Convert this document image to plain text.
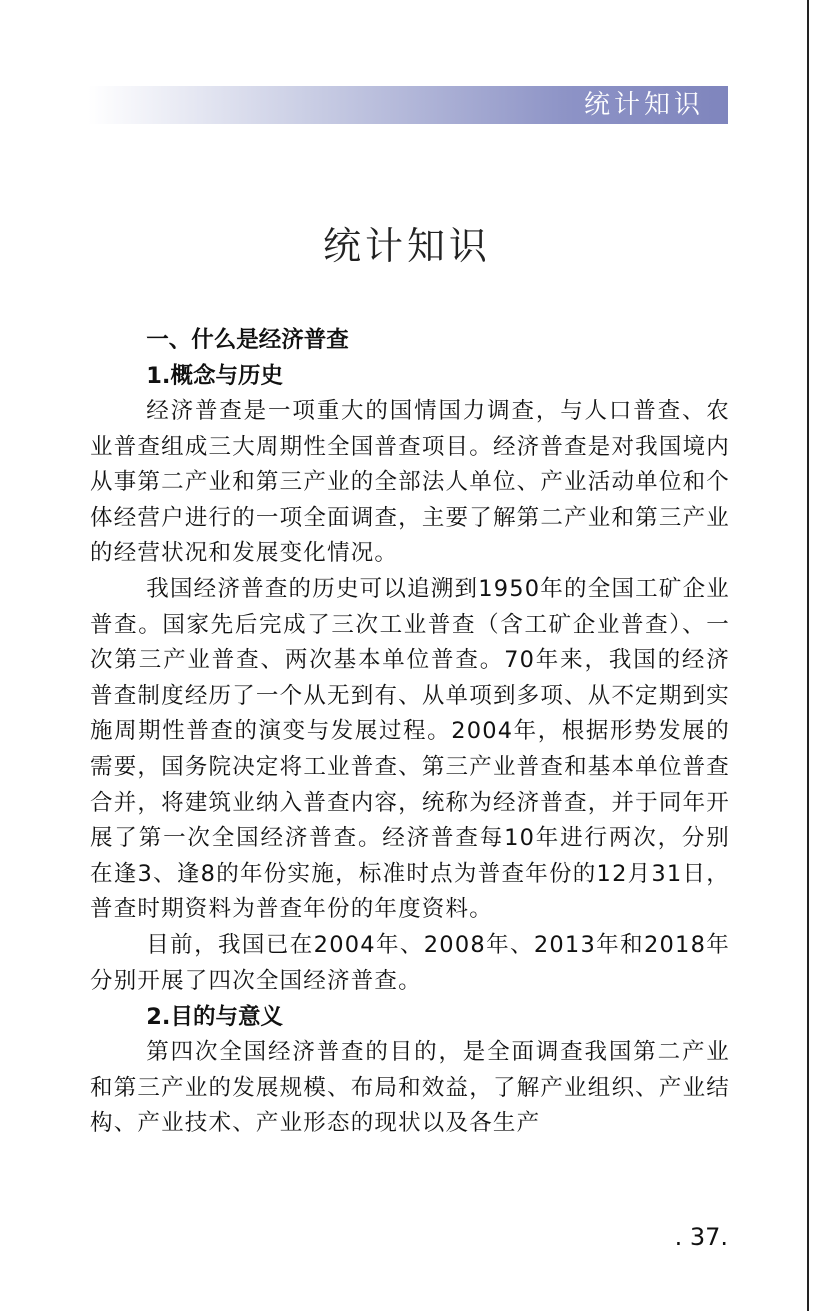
统计知识
统计知识
一、什么是经济普查
1.概念与历史

经济普查是一项重大的国情国力调查，与人口普查、农业普查组成三大周期性全国普查项目。经济普查是对我国境内从事第二产业和第三产业的全部法人单位、产业活动单位和个体经营户进行的一项全面调查，主要了解第二产业和第三产业的经营状况和发展变化情况。

我国经济普查的历史可以追溯到1950年的全国工矿企业普查。国家先后完成了三次工业普查（含工矿企业普查）、一次第三产业普查、两次基本单位普查。70年来，我国的经济普查制度经历了一个从无到有、从单项到多项、从不定期到实施周期性普查的演变与发展过程。2004年，根据形势发展的需要，国务院决定将工业普查、第三产业普查和基本单位普查合并，将建筑业纳入普查内容，统称为经济普查，并于同年开展了第一次全国经济普查。经济普查每10年进行两次，分别在逢3、逢8的年份实施，标准时点为普查年份的12月31日，普查时期资料为普查年份的年度资料。

目前，我国已在2004年、2008年、2013年和2018年分别开展了四次全国经济普查。

2.目的与意义

第四次全国经济普查的目的，是全面调查我国第二产业和第三产业的发展规模、布局和效益，了解产业组织、产业结构、产业技术、产业形态的现状以及各生产

. 37.
